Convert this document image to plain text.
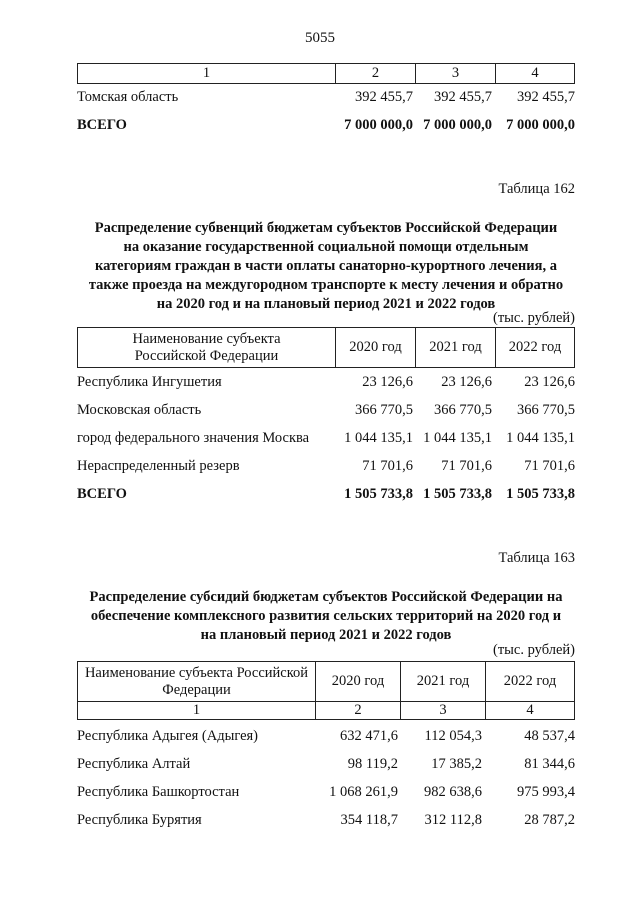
5055
1	2	3	4
Томская область	392 455,7	392 455,7	392 455,7
ВСЕГО	7 000 000,0	7 000 000,0	7 000 000,0
Таблица 162
Распределение субвенций бюджетам субъектов Российской Федерации
на оказание государственной социальной помощи отдельным
категориям граждан в части оплаты санаторно-курортного лечения, а
также проезда на междугородном транспорте к месту лечения и обратно
на 2020 год и на плановый период 2021 и 2022 годов
(тыс. рублей)
Наименование субъекта
Российской Федерации
	2020 год	2021 год	2022 год
Республика Ингушетия	23 126,6	23 126,6	23 126,6
Московская область	366 770,5	366 770,5	366 770,5
город федерального значения Москва	1 044 135,1	1 044 135,1	1 044 135,1
Нераспределенный резерв	71 701,6	71 701,6	71 701,6
ВСЕГО	1 505 733,8	1 505 733,8	1 505 733,8
Таблица 163
Распределение субсидий бюджетам субъектов Российской Федерации на
обеспечение комплексного развития сельских территорий на 2020 год и
на плановый период 2021 и 2022 годов
(тыс. рублей)
Наименование субъекта Российской
Федерации	2020 год	2021 год	2022 год
1	2	3	4
Республика Адыгея (Адыгея)	632 471,6	112 054,3	48 537,4
Республика Алтай	98 119,2	17 385,2	81 344,6
Республика Башкортостан	1 068 261,9	982 638,6	975 993,4
Республика Бурятия	354 118,7	312 112,8	28 787,2
